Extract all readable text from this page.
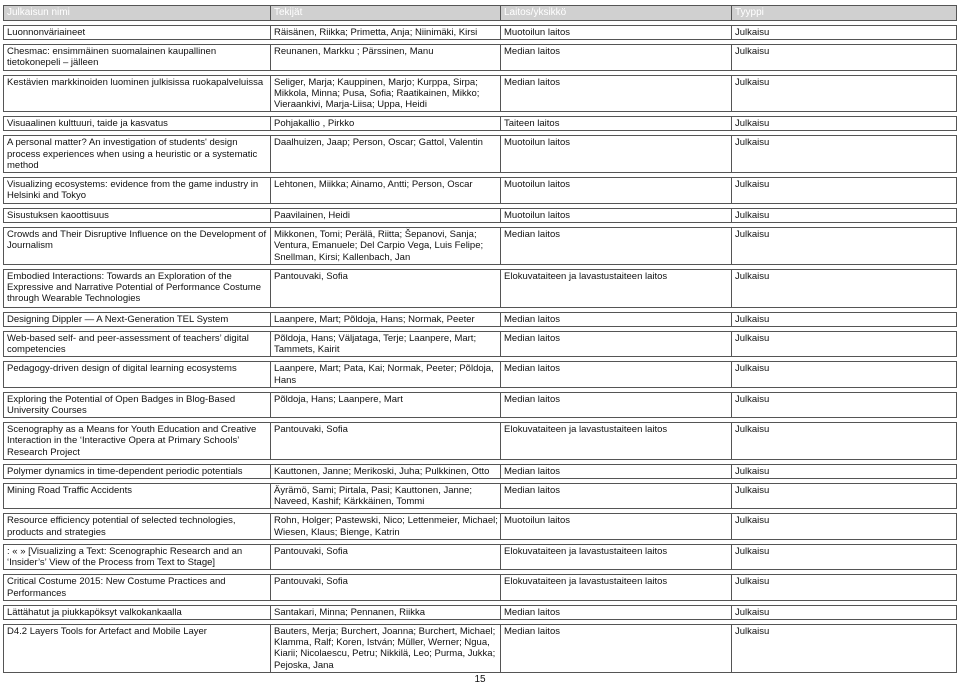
Julkaisun nimi	Tekijät	Laitos/yksikkö	Tyyppi

Luonnonväriaineet	Räisänen, Riikka; Primetta, Anja; Niinimäki, Kirsi	Muotoilun laitos	Julkaisu

Chesmac: ensimmäinen suomalainen kaupallinen tietokonepeli – jälleen	Reunanen, Markku ; Pärssinen, Manu	Median laitos	Julkaisu

Kestävien markkinoiden luominen julkisissa ruokapalveluissa	Seliger, Marja; Kauppinen, Marjo; Kurppa, Sirpa; Mikkola, Minna; Pusa, Sofia; Raatikainen, Mikko; Vieraankivi, Marja-Liisa; Uppa, Heidi	Median laitos	Julkaisu

Visuaalinen kulttuuri, taide ja kasvatus	Pohjakallio , Pirkko	Taiteen laitos	Julkaisu

A personal matter? An investigation of students' design process experiences when using a heuristic or a systematic method	Daalhuizen, Jaap; Person, Oscar; Gattol, Valentin	Muotoilun laitos	Julkaisu

Visualizing ecosystems: evidence from the game industry in Helsinki and Tokyo	Lehtonen, Miikka; Ainamo, Antti; Person, Oscar	Muotoilun laitos	Julkaisu

Sisustuksen kaoottisuus	Paavilainen, Heidi	Muotoilun laitos	Julkaisu

Crowds and Their Disruptive Influence on the Development of Journalism	Mikkonen, Tomi; Perälä, Riitta; Šepanovi, Sanja; Ventura, Emanuele; Del Carpio Vega, Luis Felipe; Snellman, Kirsi; Kallenbach, Jan	Median laitos	Julkaisu

Embodied Interactions: Towards an Exploration of the Expressive and Narrative Potential of Performance Costume through Wearable Technologies	Pantouvaki, Sofia	Elokuvataiteen ja lavastustaiteen laitos	Julkaisu

Designing Dippler — A Next-Generation TEL System	Laanpere, Mart; Põldoja, Hans; Normak, Peeter	Median laitos	Julkaisu

Web-based self- and peer-assessment of teachers’ digital competencies	Põldoja, Hans; Väljataga, Terje; Laanpere, Mart; Tammets, Kairit	Median laitos	Julkaisu

Pedagogy-driven design of digital learning ecosystems	Laanpere, Mart; Pata, Kai; Normak, Peeter; Põldoja, Hans	Median laitos	Julkaisu

Exploring the Potential of Open Badges in Blog-Based University Courses	Põldoja, Hans; Laanpere, Mart	Median laitos	Julkaisu

Scenography as a Means for Youth Education and Creative Interaction in the ‘Interactive Opera at Primary Schools’ Research Project	Pantouvaki, Sofia	Elokuvataiteen ja lavastustaiteen laitos	Julkaisu

Polymer dynamics in time-dependent periodic potentials	Kauttonen, Janne; Merikoski, Juha; Pulkkinen, Otto	Median laitos	Julkaisu

Mining Road Traffic Accidents	Äyrämö, Sami; Pirtala, Pasi; Kauttonen, Janne; Naveed, Kashif; Kärkkäinen, Tommi	Median laitos	Julkaisu

Resource efficiency potential of selected technologies, products and strategies	Rohn, Holger; Pastewski, Nico; Lettenmeier, Michael; Wiesen, Klaus; Bienge, Katrin	Muotoilun laitos	Julkaisu

: « » [Visualizing a Text: Scenographic Research and an ‘Insider’s’ View of the Process from Text to Stage]	Pantouvaki, Sofia	Elokuvataiteen ja lavastustaiteen laitos	Julkaisu

Critical Costume 2015: New Costume Practices and Performances	Pantouvaki, Sofia	Elokuvataiteen ja lavastustaiteen laitos	Julkaisu

Lättähatut ja piukkapöksyt valkokankaalla	Santakari, Minna; Pennanen, Riikka	Median laitos	Julkaisu

D4.2 Layers Tools for Artefact and Mobile Layer	Bauters, Merja; Burchert, Joanna; Burchert, Michael; Klamma, Ralf; Koren, István; Müller, Werner; Ngua, Kiarii; Nicolaescu, Petru; Nikkilä, Leo; Purma, Jukka; Pejoska, Jana	Median laitos	Julkaisu
15
